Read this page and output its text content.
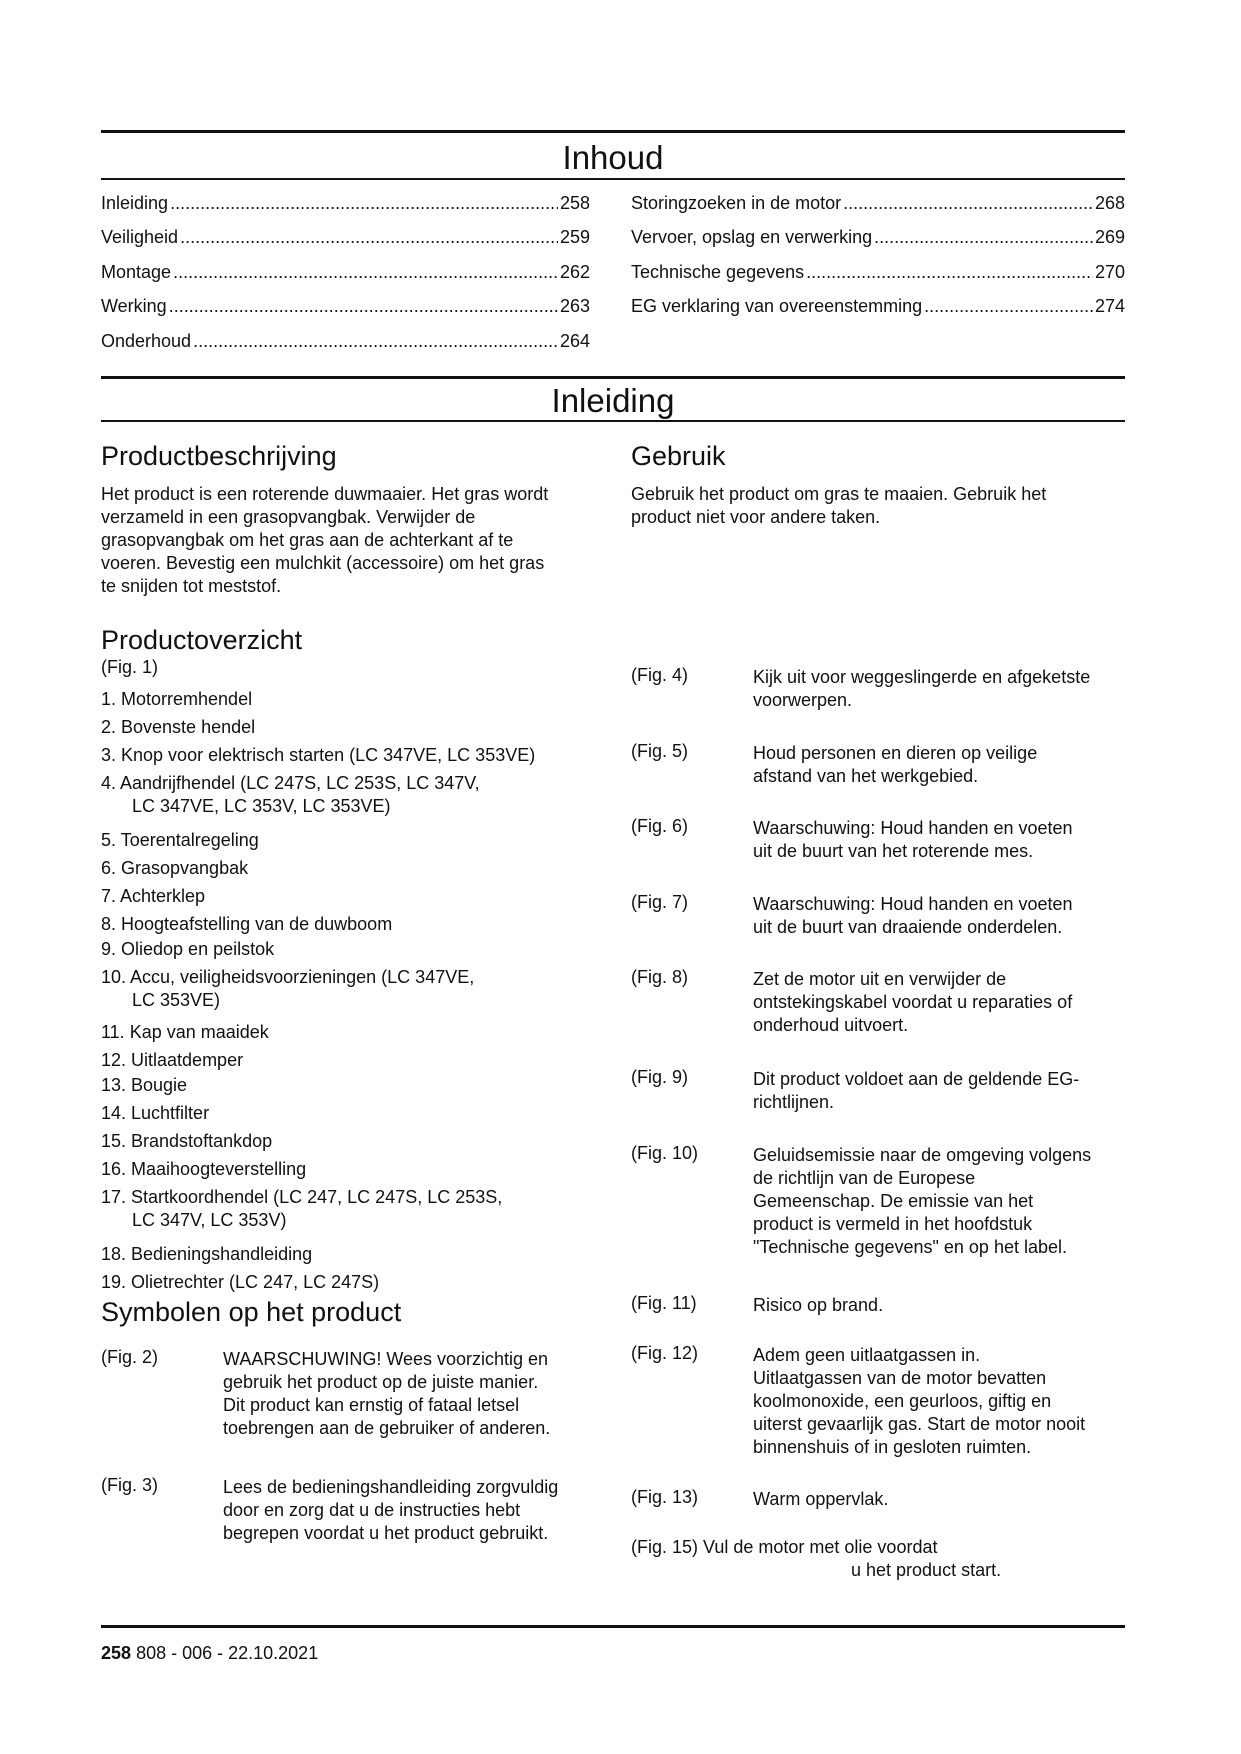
Inhoud
Inleiding .....	258
Veiligheid .....	259
Montage .....	262
Werking .....	263
Onderhoud .....	264
Storingzoeken in de motor .....	268
Vervoer, opslag en verwerking .....	269
Technische gegevens .....	270
EG verklaring van overeenstemming .....	274
Inleiding
Productbeschrijving
Het product is een roterende duwmaaier. Het gras wordt
verzameld in een grasopvangbak. Verwijder de
grasopvangbak om het gras aan de achterkant af te
voeren. Bevestig een mulchkit (accessoire) om het gras
te snijden tot meststof.
Gebruik
Gebruik het product om gras te maaien. Gebruik het
product niet voor andere taken.
Productoverzicht
(Fig. 1)
1. Motorremhendel
2. Bovenste hendel
3. Knop voor elektrisch starten (LC 347VE, LC 353VE)
4. Aandrijfhendel (LC 247S, LC 253S, LC 347V,
LC 347VE, LC 353V, LC 353VE)
5. Toerentalregeling
6. Grasopvangbak
7. Achterklep
8. Hoogteafstelling van de duwboom
9. Oliedop en peilstok
10. Accu, veiligheidsvoorzieningen (LC 347VE,
LC 353VE)
11. Kap van maaidek
12. Uitlaatdemper
13. Bougie
14. Luchtfilter
15. Brandstoftankdop
16. Maaihoogteverstelling
17. Startkoordhendel (LC 247, LC 247S, LC 253S,
LC 347V, LC 353V)
18. Bedieningshandleiding
19. Olietrechter (LC 247, LC 247S)
Symbolen op het product
(Fig. 2)	WAARSCHUWING! Wees voorzichtig en
gebruik het product op de juiste manier.
Dit product kan ernstig of fataal letsel
toebrengen aan de gebruiker of anderen.
(Fig. 3)	Lees de bedieningshandleiding zorgvuldig
door en zorg dat u de instructies hebt
begrepen voordat u het product gebruikt.
(Fig. 4)	Kijk uit voor weggeslingerde en afgeketste
voorwerpen.
(Fig. 5)	Houd personen en dieren op veilige
afstand van het werkgebied.
(Fig. 6)	Waarschuwing: Houd handen en voeten
uit de buurt van het roterende mes.
(Fig. 7)	Waarschuwing: Houd handen en voeten
uit de buurt van draaiende onderdelen.
(Fig. 8)	Zet de motor uit en verwijder de
ontstekingskabel voordat u reparaties of
onderhoud uitvoert.
(Fig. 9)	Dit product voldoet aan de geldende EG-
richtlijnen.
(Fig. 10)	Geluidsemissie naar de omgeving volgens
de richtlijn van de Europese
Gemeenschap. De emissie van het
product is vermeld in het hoofdstuk
"Technische gegevens" en op het label.
(Fig. 11)	Risico op brand.
(Fig. 12)	Adem geen uitlaatgassen in.
Uitlaatgassen van de motor bevatten
koolmonoxide, een geurloos, giftig en
uiterst gevaarlijk gas. Start de motor nooit
binnenshuis of in gesloten ruimten.
(Fig. 13)	Warm oppervlak.
(Fig. 15) Vul de motor met olie voordat
u het product start.
258 808 - 006 - 22.10.2021
